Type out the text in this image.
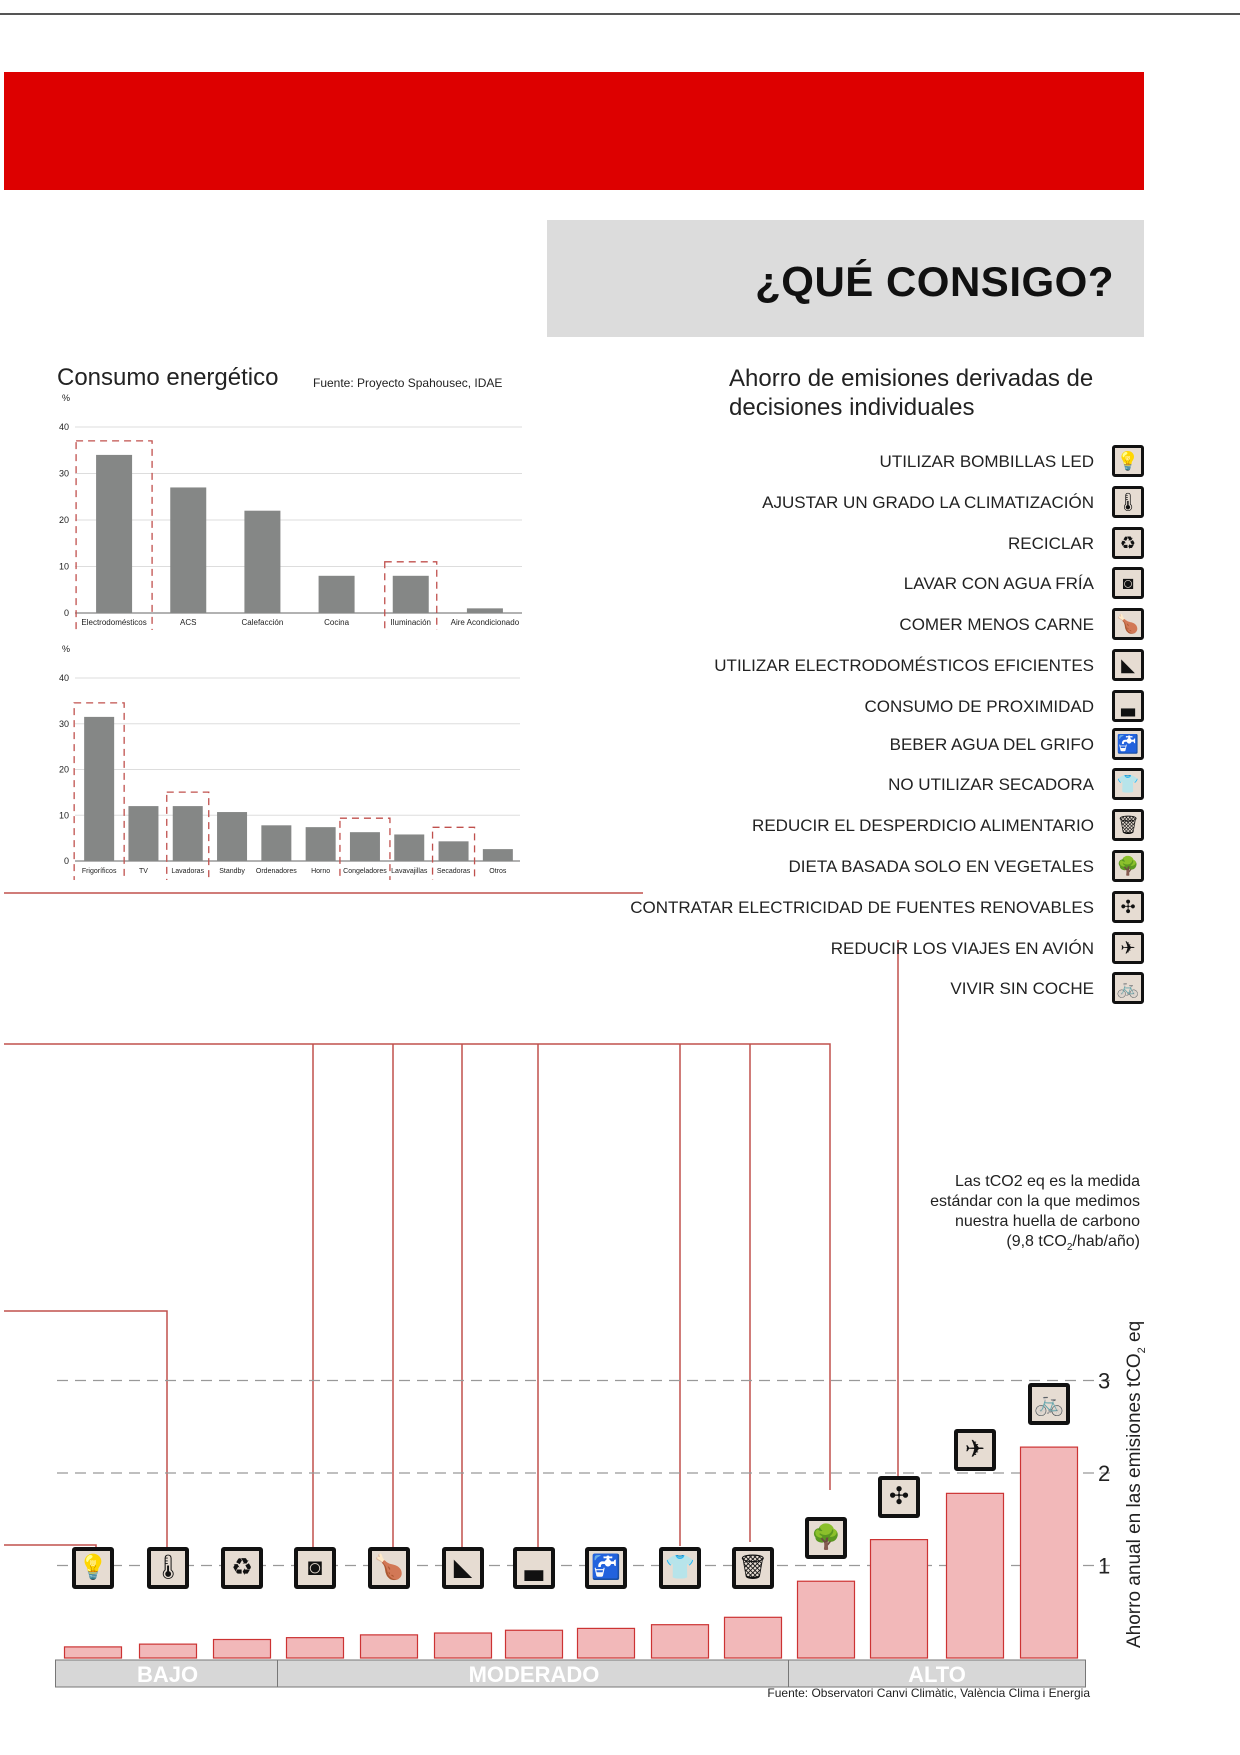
¿QUÉ CONSIGO?
Consumo energético	Fuente: Proyecto Spahousec, IDAE
%
0
10
20
30
40
Electrodomésticos	ACS	Calefacción	Cocina	Iluminación Aire Acondicionado
%
0
10
20
30
40
Frigoríficos	TV	Lavadoras Standby Ordenadores Horno Congeladores Lavavajillas Secadoras	Otros
Ahorro de emisiones derivadas de
decisiones individuales
UTILIZAR BOMBILLAS LED 💡
AJUSTAR UN GRADO LA CLIMATIZACIÓN 🌡
RECICLAR	♻
LAVAR CON AGUA FRÍA	◙
COMER MENOS CARNE 🍗
UTILIZAR ELECTRODOMÉSTICOS EFICIENTES	◣
CONSUMO DE PROXIMIDAD	▃
BEBER AGUA DEL GRIFO 🚰
NO UTILIZAR SECADORA 👕
REDUCIR EL DESPERDICIO ALIMENTARIO 🗑
DIETA BASADA SOLO EN VEGETALES 🌳
CONTRATAR ELECTRICIDAD DE FUENTES RENOVABLES	✣
REDUCIR LOS VIAJES EN AVIÓN	✈
VIVIR SIN COCHE 🚲
Las tCO2 eq es la medida
estándar con la que medimos
nuestra huella de carbono
(9,8 tCO$_2$/hab/año)
1
2
3
BAJO	MODERADO	ALTO
💡 🌡	♻	◙	🍗	◣	▃	🚰 👕 🗑
🌳
✣
✈
🚲	Ahorro anual en las emisiones tCO$_2$ eq
Fuente: Observatori Canvi Climàtic, València Clima i Energia
